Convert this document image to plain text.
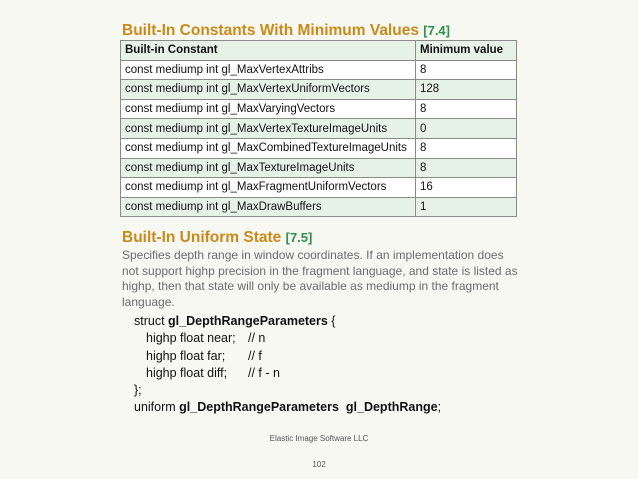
Built-In Constants With Minimum Values [7.4]
Built-in Constant	Minimum value
const mediump int gl_MaxVertexAttribs	8
const mediump int gl_MaxVertexUniformVectors	128
const mediump int gl_MaxVaryingVectors	8
const mediump int gl_MaxVertexTextureImageUnits	0
const mediump int gl_MaxCombinedTextureImageUnits	8
const mediump int gl_MaxTextureImageUnits	8
const mediump int gl_MaxFragmentUniformVectors	16
const mediump int gl_MaxDrawBuffers	1
Built-In Uniform State [7.5]

Specifies depth range in window coordinates. If an implementation does not support highp precision in the fragment language, and state is listed as highp, then that state will only be available as mediump in the fragment language.

struct gl_DepthRangeParameters {
highp float near; // n
highp float far; // f
highp float diff; // f - n
};
uniform gl_DepthRangeParameters gl_DepthRange;
Elastic Image Software LLC
102
